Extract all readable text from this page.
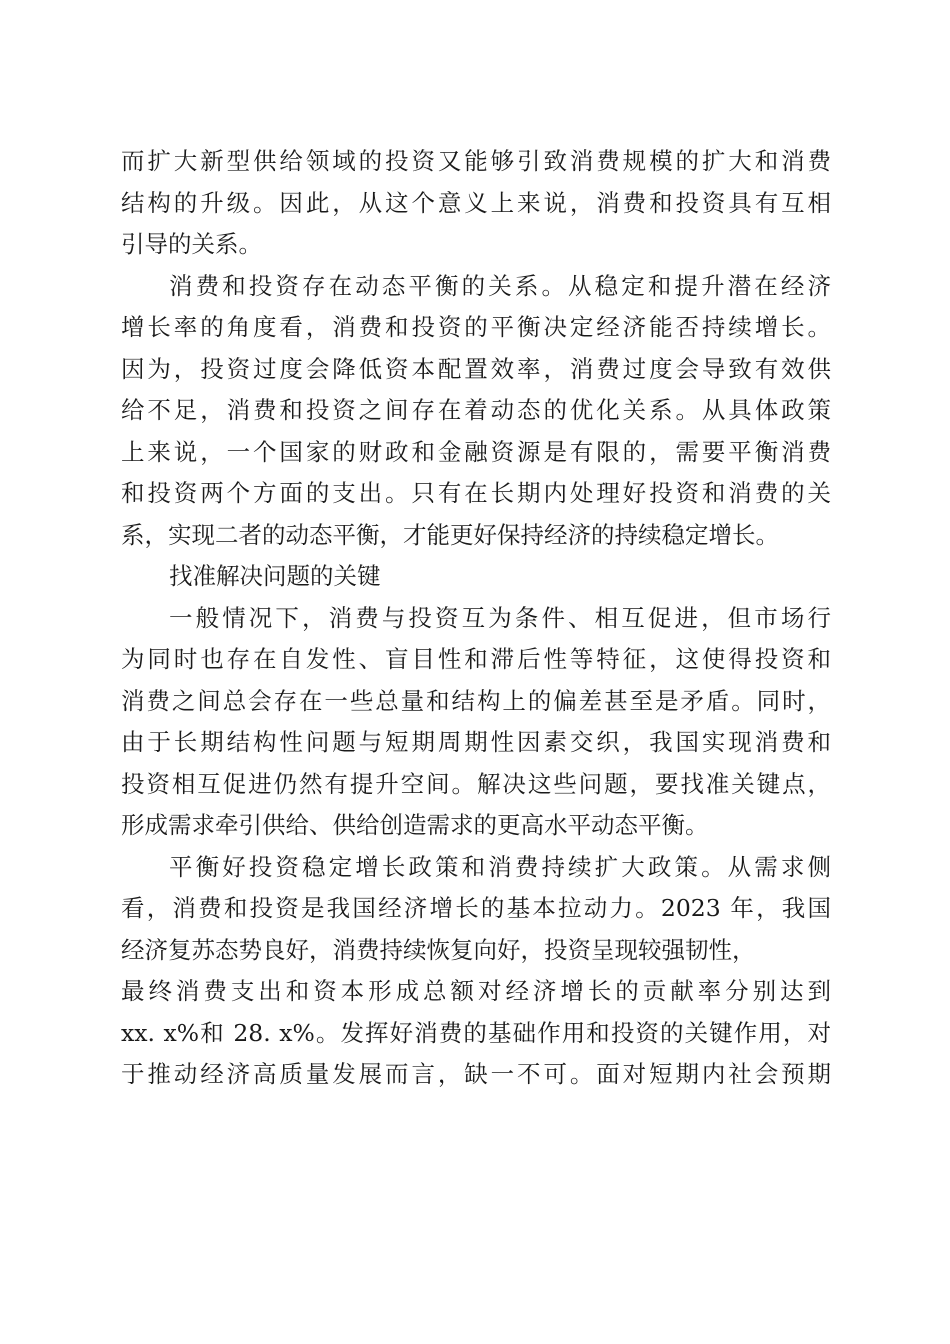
而扩大新型供给领域的投资又能够引致消费规模的扩大和消费
结构的升级。因此，从这个意义上来说，消费和投资具有互相
引导的关系。
消费和投资存在动态平衡的关系。从稳定和提升潜在经济
增长率的角度看，消费和投资的平衡决定经济能否持续增长。
因为，投资过度会降低资本配置效率，消费过度会导致有效供
给不足，消费和投资之间存在着动态的优化关系。从具体政策
上来说，一个国家的财政和金融资源是有限的，需要平衡消费
和投资两个方面的支出。只有在长期内处理好投资和消费的关
系，实现二者的动态平衡，才能更好保持经济的持续稳定增长。
找准解决问题的关键
一般情况下，消费与投资互为条件、相互促进，但市场行
为同时也存在自发性、盲目性和滞后性等特征，这使得投资和
消费之间总会存在一些总量和结构上的偏差甚至是矛盾。同时，
由于长期结构性问题与短期周期性因素交织，我国实现消费和
投资相互促进仍然有提升空间。解决这些问题，要找准关键点，
形成需求牵引供给、供给创造需求的更高水平动态平衡。
平衡好投资稳定增长政策和消费持续扩大政策。从需求侧
看，消费和投资是我国经济增长的基本拉动力。2023 年，我国
经济复苏态势良好，消费持续恢复向好，投资呈现较强韧性，
最终消费支出和资本形成总额对经济增长的贡献率分别达到
xx. x%和 28. x%。发挥好消费的基础作用和投资的关键作用，对
于推动经济高质量发展而言，缺一不可。面对短期内社会预期
